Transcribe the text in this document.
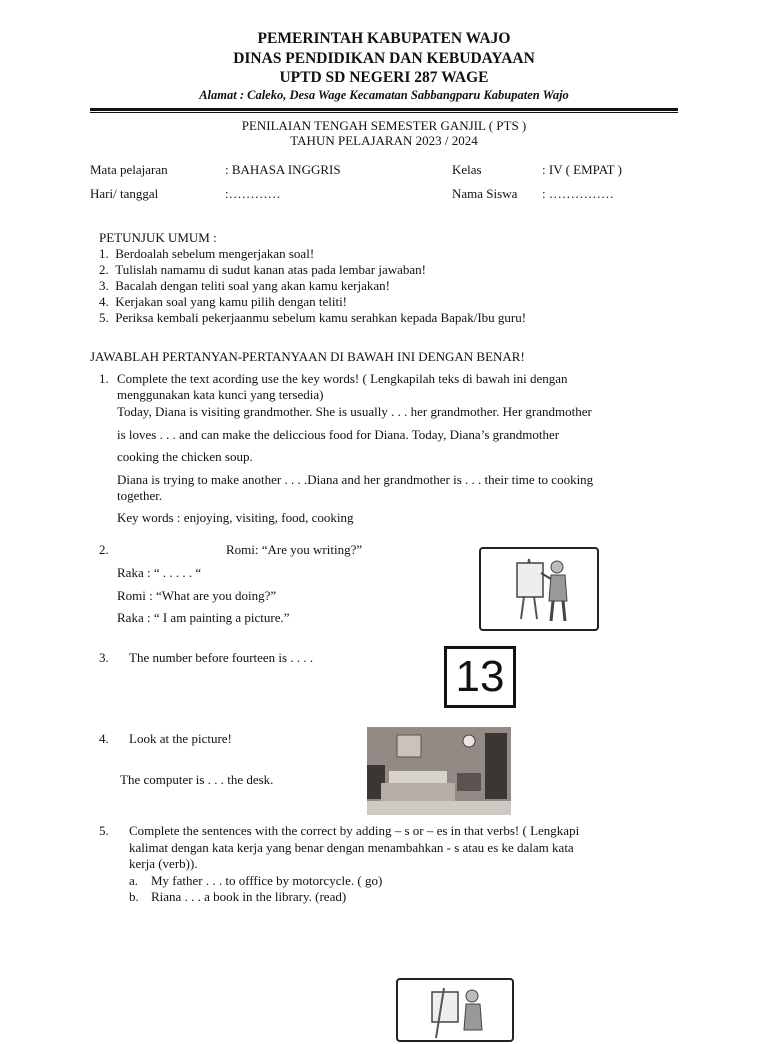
PEMERINTAH KABUPATEN WAJO
DINAS PENDIDIKAN DAN KEBUDAYAAN
UPTD SD NEGERI 287 WAGE
Alamat : Caleko, Desa Wage Kecamatan Sabbangparu Kabupaten Wajo
PENILAIAN TENGAH SEMESTER GANJIL ( PTS )
TAHUN PELAJARAN 2023 / 2024
Mata pelajaran	: BAHASA INGGRIS	Kelas	: IV ( EMPAT )
Hari/ tanggal	:…………	Nama Siswa : ……………
PETUNJUK UMUM :
1.  Berdoalah sebelum mengerjakan soal!
2.  Tulislah namamu di sudut kanan atas pada lembar jawaban!
3.  Bacalah dengan teliti soal yang akan kamu kerjakan!
4.  Kerjakan soal yang kamu pilih dengan teliti!
5.  Periksa kembali pekerjaanmu sebelum kamu serahkan kepada Bapak/Ibu guru!
JAWABLAH PERTANYAN-PERTANYAAN DI BAWAH INI DENGAN BENAR!
1. Complete the text acording use the key words! ( Lengkapilah teks di bawah ini dengan
menggunakan kata kunci yang tersedia)
Today, Diana is visiting grandmother. She is usually . . . her grandmother. Her grandmother
is loves . . . and can make the deliccious food for Diana. Today, Diana’s grandmother
cooking the chicken soup.
Diana is trying to make another . . . .Diana and her grandmother is . . . their time to cooking
together.
Key words : enjoying, visiting, food, cooking
2.	Romi: “Are you writing?”
Raka : “ . . . . . “
Romi : “What are you doing?”
Raka : “ I am painting a picture.”
3. The number before fourteen is . . . .	13
4. Look at the picture!
The computer is . . . the desk.
5. Complete the sentences with the correct by adding – s or – es in that verbs! ( Lengkapi
kalimat dengan kata kerja yang benar dengan menambahkan - s atau es ke dalam kata
kerja (verb)).
a. My father . . . to offfice by motorcycle. ( go)
b. Riana . . . a book in the library. (read)
